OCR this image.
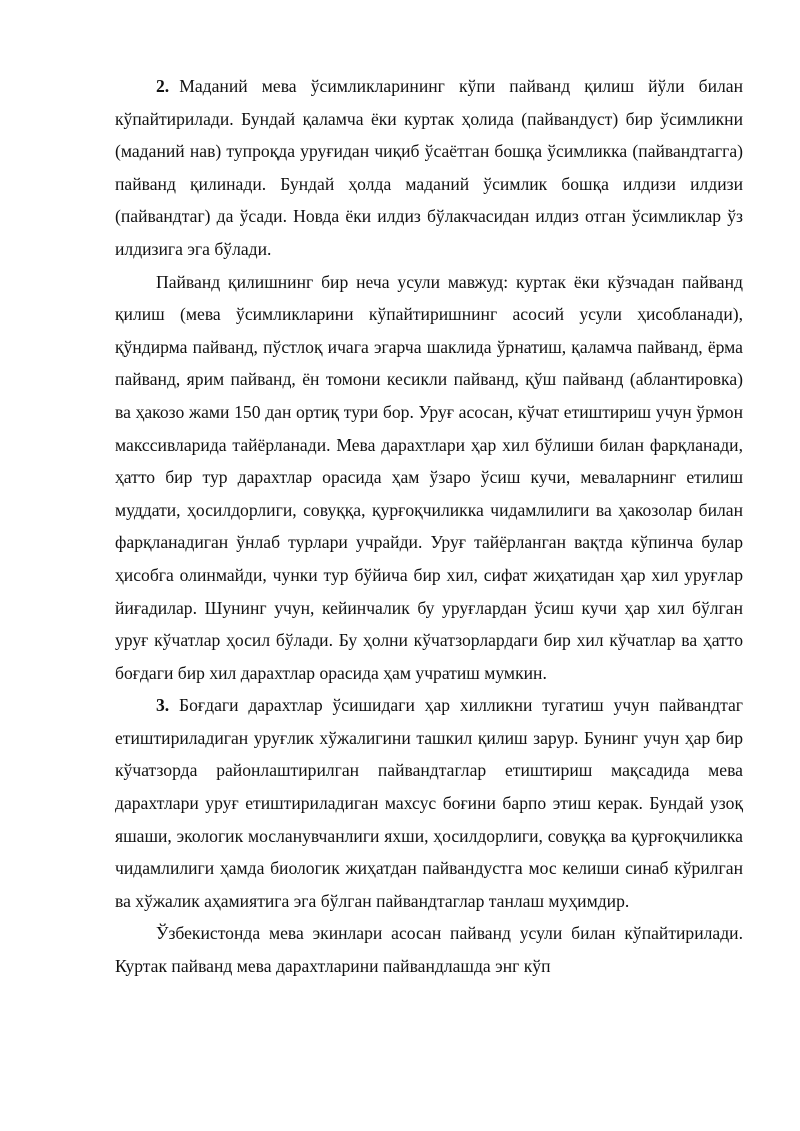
2. Маданий мева ўсимликларининг кўпи пайванд қилиш йўли билан кўпайтирилади. Бундай қаламча ёки куртак ҳолида (пайвандуст) бир ўсимликни (маданий нав) тупроқда уруғидан чиқиб ўсаётган бошқа ўсимликка (пайвандтагга) пайванд қилинади. Бундай ҳолда маданий ўсимлик бошқа илдизи илдизи (пайвандтаг) да ўсади. Новда ёки илдиз бўлакчасидан илдиз отган ўсимликлар ўз илдизига эга бўлади.

Пайванд қилишнинг бир неча усули мавжуд: куртак ёки кўзчадан пайванд қилиш (мева ўсимликларини кўпайтиришнинг асосий усули ҳисобланади), қўндирма пайванд, пўстлоқ ичага эгарча шаклида ўрнатиш, қаламча пайванд, ёрма пайванд, ярим пайванд, ён томони кесикли пайванд, қўш пайванд (аблантировка) ва ҳакозо жами 150 дан ортиқ тури бор. Уруғ асосан, кўчат етиштириш учун ўрмон макссивларида тайёрланади. Мева дарахтлари ҳар хил бўлиши билан фарқланади, ҳатто бир тур дарахтлар орасида ҳам ўзаро ўсиш кучи, меваларнинг етилиш муддати, ҳосилдорлиги, совуққа, қурғоқчиликка чидамлилиги ва ҳакозолар билан фарқланадиган ўнлаб турлари учрайди. Уруғ тайёрланган вақтда кўпинча булар ҳисобга олинмайди, чунки тур бўйича бир хил, сифат жиҳатидан ҳар хил уруғлар йиғадилар. Шунинг учун, кейинчалик бу уруғлардан ўсиш кучи ҳар хил бўлган уруғ кўчатлар ҳосил бўлади. Бу ҳолни кўчатзорлардаги бир хил кўчатлар ва ҳатто боғдаги бир хил дарахтлар орасида ҳам учратиш мумкин.

3. Боғдаги дарахтлар ўсишидаги ҳар хилликни тугатиш учун пайвандтаг етиштириладиган уруғлик хўжалигини ташкил қилиш зарур. Бунинг учун ҳар бир кўчатзорда районлаштирилган пайвандтаглар етиштириш мақсадида мева дарахтлари уруғ етиштириладиган махсус боғини барпо этиш керак. Бундай узоқ яшаши, экологик мосланувчанлиги яхши, ҳосилдорлиги, совуққа ва қурғоқчиликка чидамлилиги ҳамда биологик жиҳатдан пайвандустга мос келиши синаб кўрилган ва хўжалик аҳамиятига эга бўлган пайвандтаглар танлаш муҳимдир.

Ўзбекистонда мева экинлари асосан пайванд усули билан кўпайтирилади. Куртак пайванд мева дарахтларини пайвандлашда энг кўп
